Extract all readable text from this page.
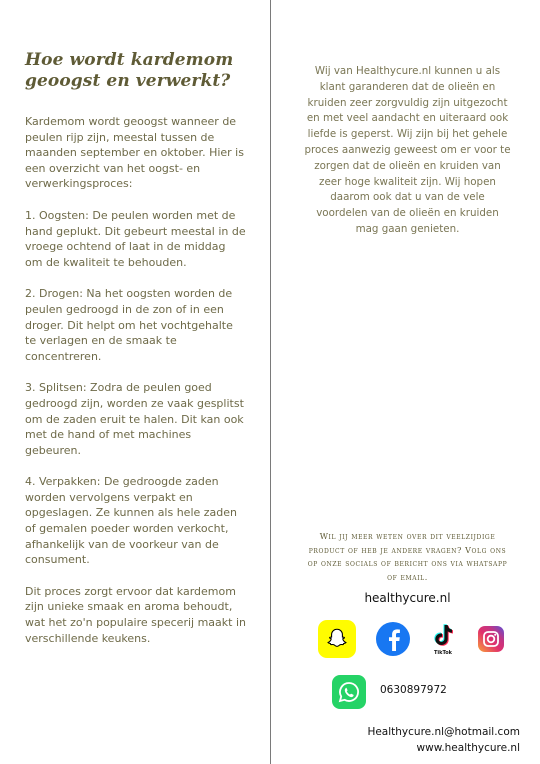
Hoe wordt kardemom
geoogst en verwerkt?

Kardemom wordt geoogst wanneer de
peulen rijp zijn, meestal tussen de
maanden september en oktober. Hier is
een overzicht van het oogst- en
verwerkingsproces:

1. Oogsten: De peulen worden met de
hand geplukt. Dit gebeurt meestal in de
vroege ochtend of laat in de middag
om de kwaliteit te behouden.

2. Drogen: Na het oogsten worden de
peulen gedroogd in de zon of in een
droger. Dit helpt om het vochtgehalte
te verlagen en de smaak te
concentreren.

3. Splitsen: Zodra de peulen goed
gedroogd zijn, worden ze vaak gesplitst
om de zaden eruit te halen. Dit kan ook
met de hand of met machines
gebeuren.

4. Verpakken: De gedroogde zaden
worden vervolgens verpakt en
opgeslagen. Ze kunnen als hele zaden
of gemalen poeder worden verkocht,
afhankelijk van de voorkeur van de
consument.

Dit proces zorgt ervoor dat kardemom
zijn unieke smaak en aroma behoudt,
wat het zo'n populaire specerij maakt in
verschillende keukens.

Wij van Healthycure.nl kunnen u als
klant garanderen dat de olieën en
kruiden zeer zorgvuldig zijn uitgezocht
en met veel aandacht en uiteraard ook
liefde is geperst. Wij zijn bij het gehele
proces aanwezig geweest om er voor te
zorgen dat de olieën en kruiden van
zeer hoge kwaliteit zijn. Wij hopen
daarom ook dat u van de vele
voordelen van de olieën en kruiden
mag gaan genieten.
Wil jij meer weten over dit veelzijdige
product of heb je andere vragen? Volg ons
op onze socials of bericht ons via whatsapp
of email.
healthycure.nl
TikTok
0630897972
Healthycure.nl@hotmail.com
www.healthycure.nl
